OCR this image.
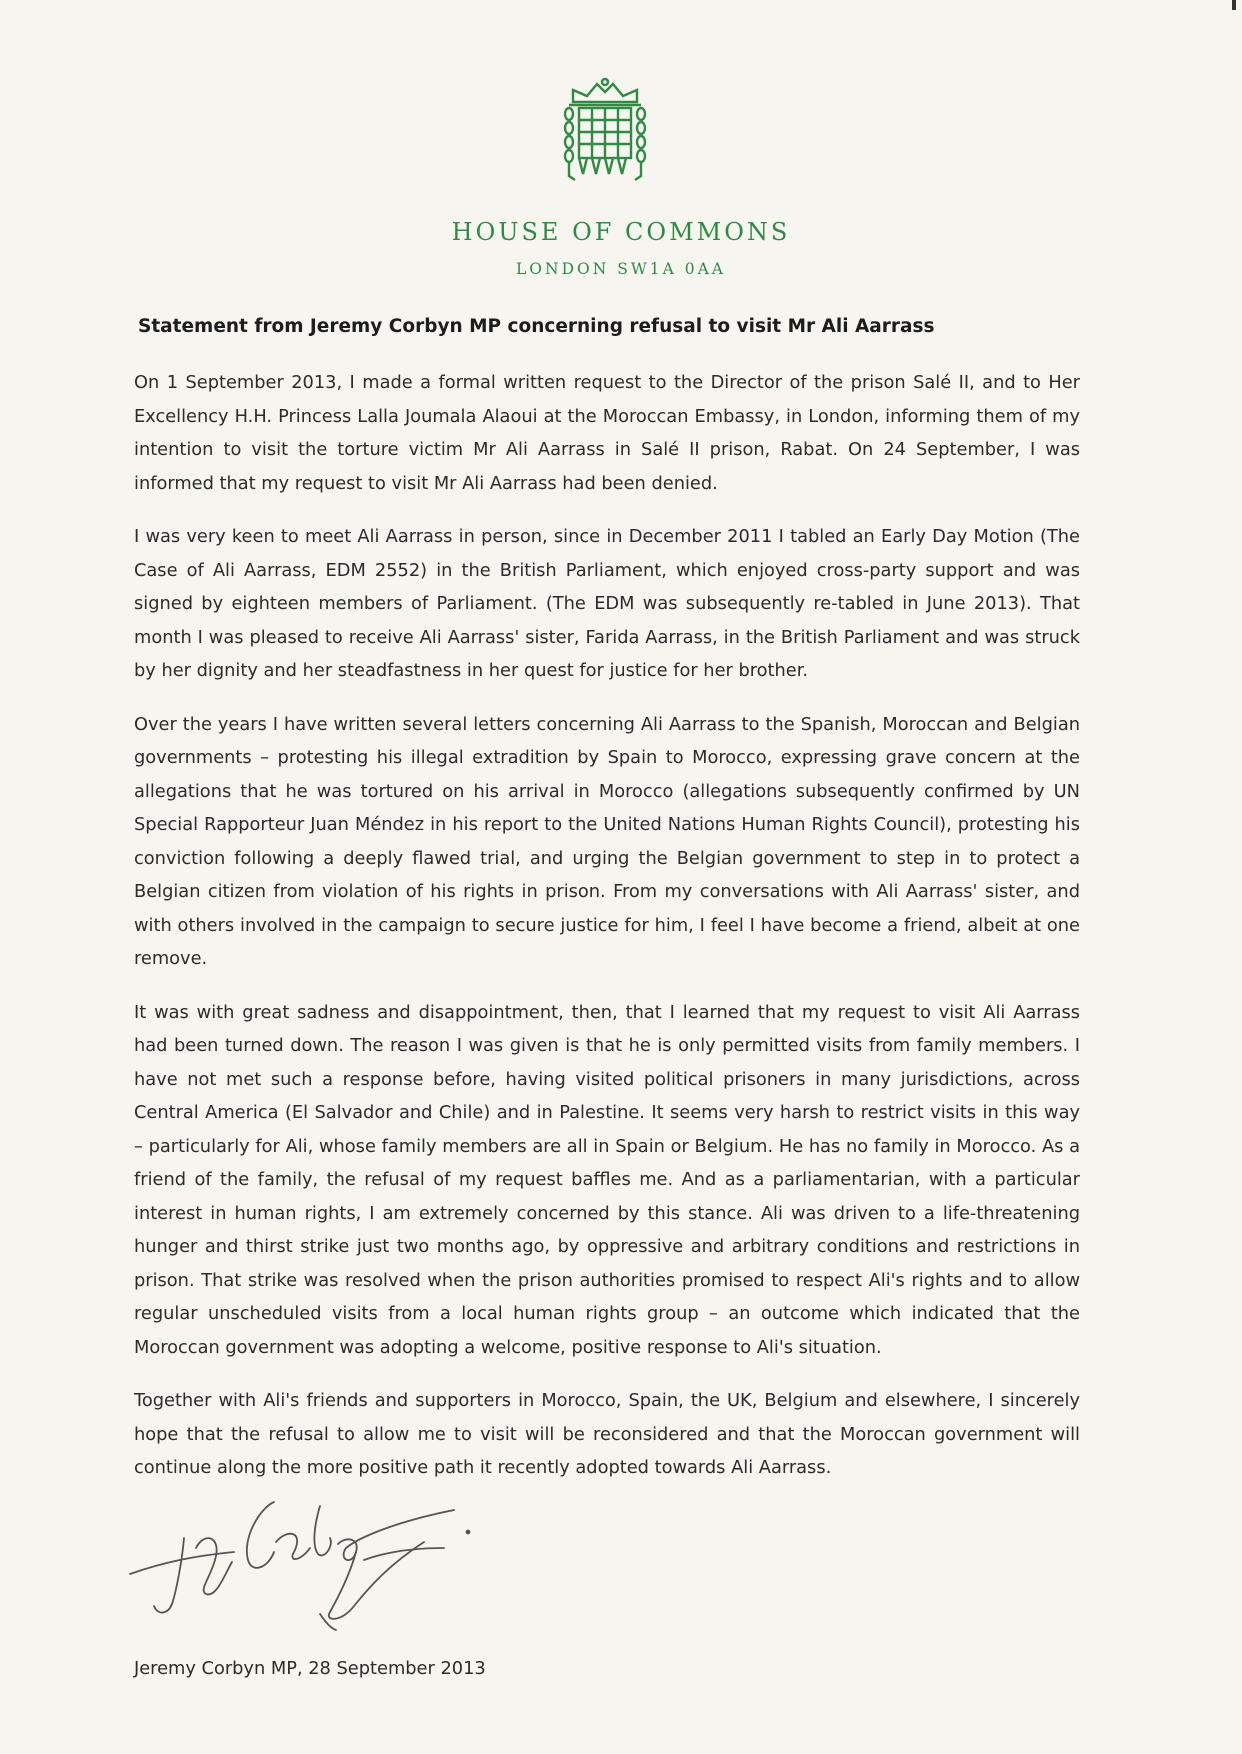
HOUSE OF COMMONS
LONDON SW1A 0AA
Statement from Jeremy Corbyn MP concerning refusal to visit Mr Ali Aarrass

On 1 September 2013, I made a formal written request to the Director of the prison Salé II, and to Her Excellency H.H. Princess Lalla Joumala Alaoui at the Moroccan Embassy, in London, informing them of my intention to visit the torture victim Mr Ali Aarrass in Salé II prison, Rabat. On 24 September, I was informed that my request to visit Mr Ali Aarrass had been denied.

I was very keen to meet Ali Aarrass in person, since in December 2011 I tabled an Early Day Motion (The Case of Ali Aarrass, EDM 2552) in the British Parliament, which enjoyed cross-party support and was signed by eighteen members of Parliament. (The EDM was subsequently re-tabled in June 2013). That month I was pleased to receive Ali Aarrass' sister, Farida Aarrass, in the British Parliament and was struck by her dignity and her steadfastness in her quest for justice for her brother.

Over the years I have written several letters concerning Ali Aarrass to the Spanish, Moroccan and Belgian governments – protesting his illegal extradition by Spain to Morocco, expressing grave concern at the allegations that he was tortured on his arrival in Morocco (allegations subsequently confirmed by UN Special Rapporteur Juan Méndez in his report to the United Nations Human Rights Council), protesting his conviction following a deeply flawed trial, and urging the Belgian government to step in to protect a Belgian citizen from violation of his rights in prison. From my conversations with Ali Aarrass' sister, and with others involved in the campaign to secure justice for him, I feel I have become a friend, albeit at one remove.

It was with great sadness and disappointment, then, that I learned that my request to visit Ali Aarrass had been turned down. The reason I was given is that he is only permitted visits from family members. I have not met such a response before, having visited political prisoners in many jurisdictions, across Central America (El Salvador and Chile) and in Palestine. It seems very harsh to restrict visits in this way – particularly for Ali, whose family members are all in Spain or Belgium. He has no family in Morocco. As a friend of the family, the refusal of my request baffles me. And as a parliamentarian, with a particular interest in human rights, I am extremely concerned by this stance. Ali was driven to a life-threatening hunger and thirst strike just two months ago, by oppressive and arbitrary conditions and restrictions in prison. That strike was resolved when the prison authorities promised to respect Ali's rights and to allow regular unscheduled visits from a local human rights group – an outcome which indicated that the Moroccan government was adopting a welcome, positive response to Ali's situation.

Together with Ali's friends and supporters in Morocco, Spain, the UK, Belgium and elsewhere, I sincerely hope that the refusal to allow me to visit will be reconsidered and that the Moroccan government will continue along the more positive path it recently adopted towards Ali Aarrass.

Jeremy Corbyn MP, 28 September 2013
